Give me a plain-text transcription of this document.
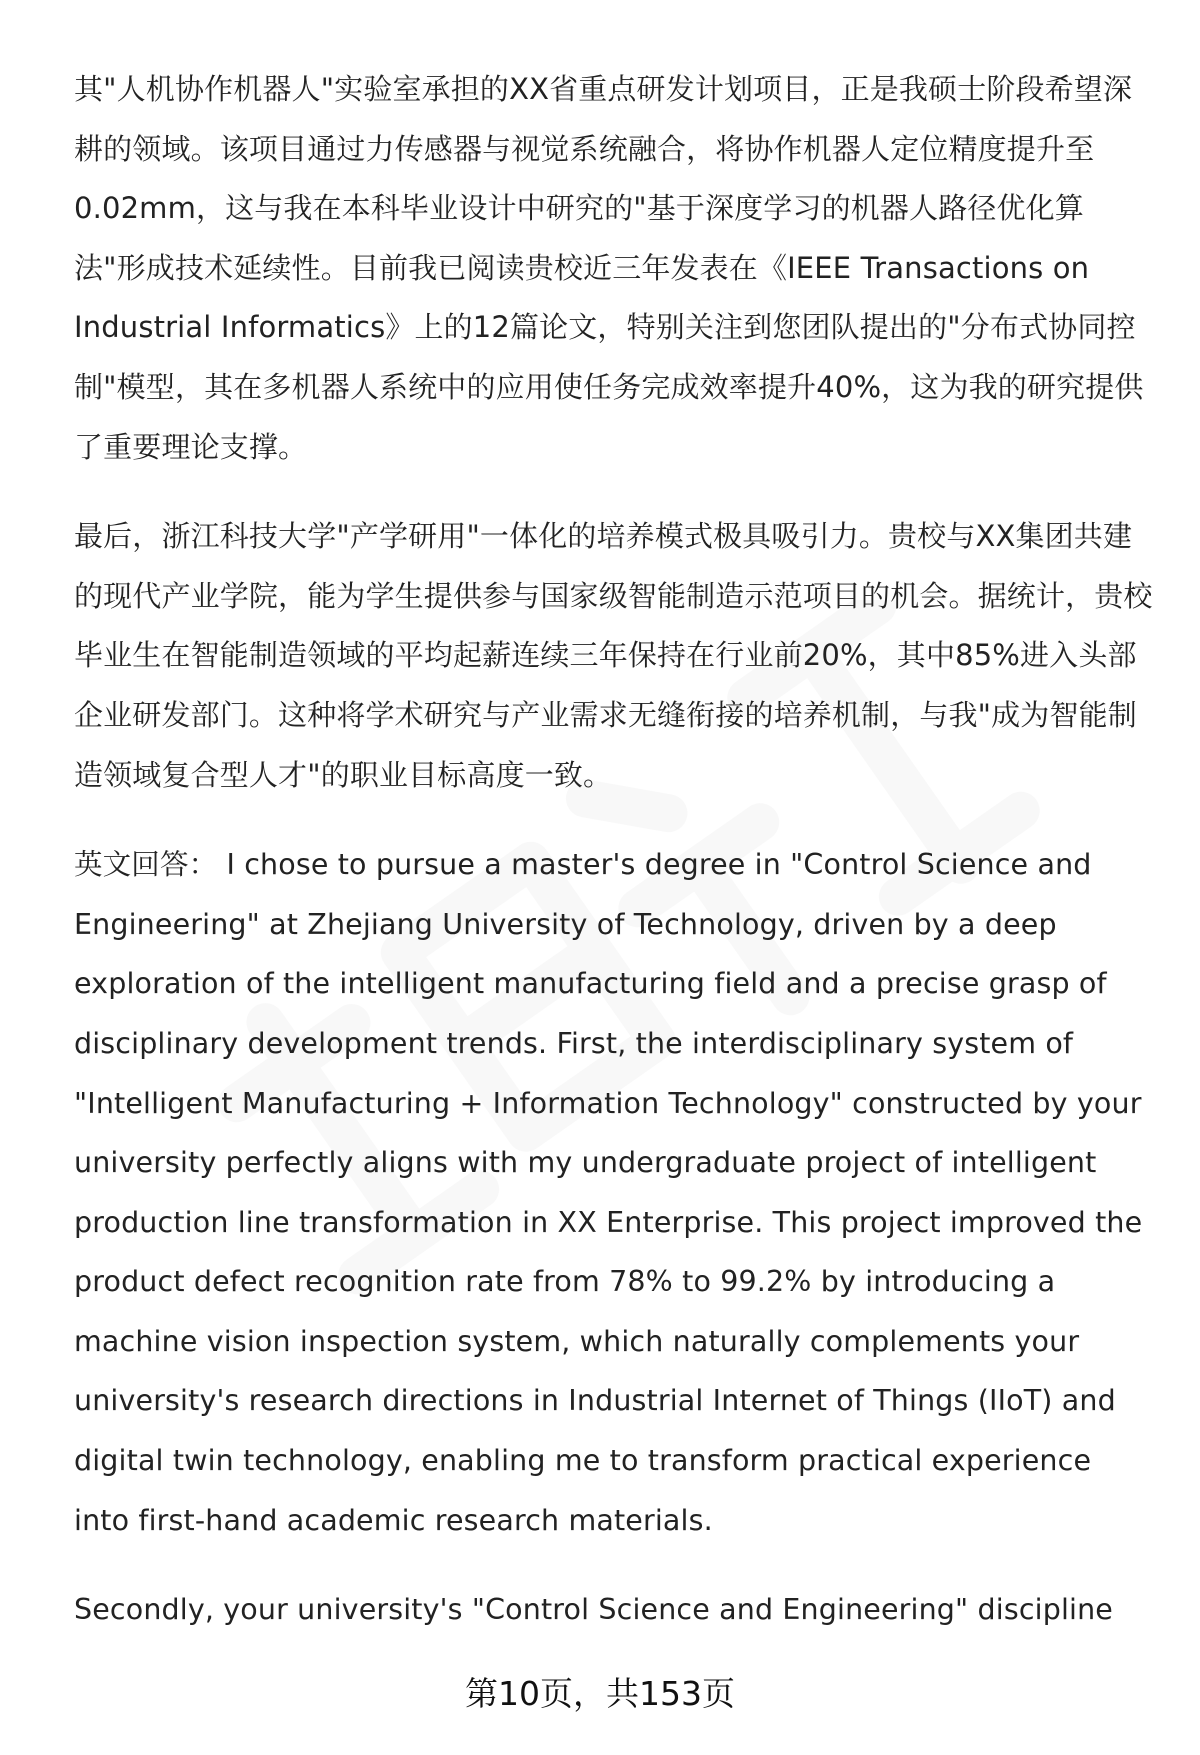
其"人机协作机器人"实验室承担的XX省重点研发计划项目，正是我硕士阶段希望深耕的领域。该项目通过力传感器与视觉系统融合，将协作机器人定位精度提升至0.02mm，这与我在本科毕业设计中研究的"基于深度学习的机器人路径优化算法"形成技术延续性。目前我已阅读贵校近三年发表在《IEEE Transactions on Industrial Informatics》上的12篇论文，特别关注到您团队提出的"分布式协同控制"模型，其在多机器人系统中的应用使任务完成效率提升40%，这为我的研究提供了重要理论支撑。

最后，浙江科技大学"产学研用"一体化的培养模式极具吸引力。贵校与XX集团共建的现代产业学院，能为学生提供参与国家级智能制造示范项目的机会。据统计，贵校毕业生在智能制造领域的平均起薪连续三年保持在行业前20%，其中85%进入头部企业研发部门。这种将学术研究与产业需求无缝衔接的培养机制，与我"成为智能制造领域复合型人才"的职业目标高度一致。

英文回答： I chose to pursue a master's degree in "Control Science and Engineering" at Zhejiang University of Technology, driven by a deep exploration of the intelligent manufacturing field and a precise grasp of disciplinary development trends. First, the interdisciplinary system of "Intelligent Manufacturing + Information Technology" constructed by your university perfectly aligns with my undergraduate project of intelligent production line transformation in XX Enterprise. This project improved the product defect recognition rate from 78% to 99.2% by introducing a machine vision inspection system, which naturally complements your university's research directions in Industrial Internet of Things (IIoT) and digital twin technology, enabling me to transform practical experience into first-hand academic research materials.

Secondly, your university's "Control Science and Engineering" discipline

第10页，共153页
